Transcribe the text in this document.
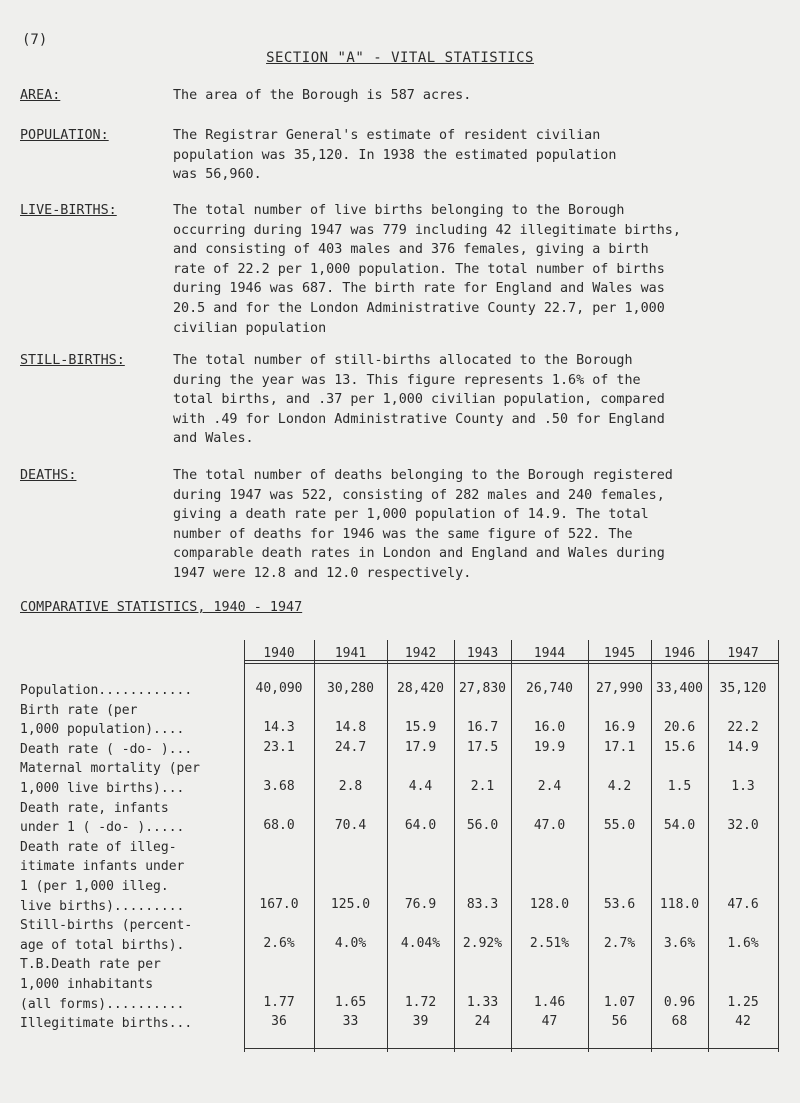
(7)
SECTION "A" - VITAL STATISTICS
AREA:	The area of the Borough is 587 acres.
POPULATION:	The Registrar General's estimate of resident civilian
population was 35,120. In 1938 the estimated population
was 56,960.
LIVE-BIRTHS:	The total number of live births belonging to the Borough
occurring during 1947 was 779 including 42 illegitimate births,
and consisting of 403 males and 376 females, giving a birth
rate of 22.2 per 1,000 population. The total number of births
during 1946 was 687. The birth rate for England and Wales was
20.5 and for the London Administrative County 22.7, per 1,000
civilian population
STILL-BIRTHS:	The total number of still-births allocated to the Borough
during the year was 13. This figure represents 1.6% of the
total births, and .37 per 1,000 civilian population, compared
with .49 for London Administrative County and .50 for England
and Wales.
DEATHS:	The total number of deaths belonging to the Borough registered
during 1947 was 522, consisting of 282 males and 240 females,
giving a death rate per 1,000 population of 14.9. The total
number of deaths for 1946 was the same figure of 522. The
comparable death rates in London and England and Wales during
1947 were 12.8 and 12.0 respectively.
COMPARATIVE STATISTICS, 1940 - 1947
1940	1941	1942	1943	1944	1945	1946	1947
Population............	40,090	30,280	28,420	27,830	26,740	27,990	33,400	35,120
Birth rate (per
1,000 population)....	14.3	14.8	15.9	16.7	16.0	16.9	20.6	22.2
Death rate ( -do- )...	23.1	24.7	17.9	17.5	19.9	17.1	15.6	14.9
Maternal mortality (per
1,000 live births)...	3.68	2.8	4.4	2.1	2.4	4.2	1.5	1.3
Death rate, infants
under 1 ( -do- ).....	68.0	70.4	64.0	56.0	47.0	55.0	54.0	32.0
Death rate of illeg-
itimate infants under
1 (per 1,000 illeg.
live births).........	167.0	125.0	76.9	83.3	128.0	53.6	118.0	47.6
Still-births (percent-
age of total births).	2.6%	4.0%	4.04%	2.92%	2.51%	2.7%	3.6%	1.6%
T.B.Death rate per
1,000 inhabitants
(all forms)..........	1.77	1.65	1.72	1.33	1.46	1.07	0.96	1.25
Illegitimate births...	36	33	39	24	47	56	68	42
